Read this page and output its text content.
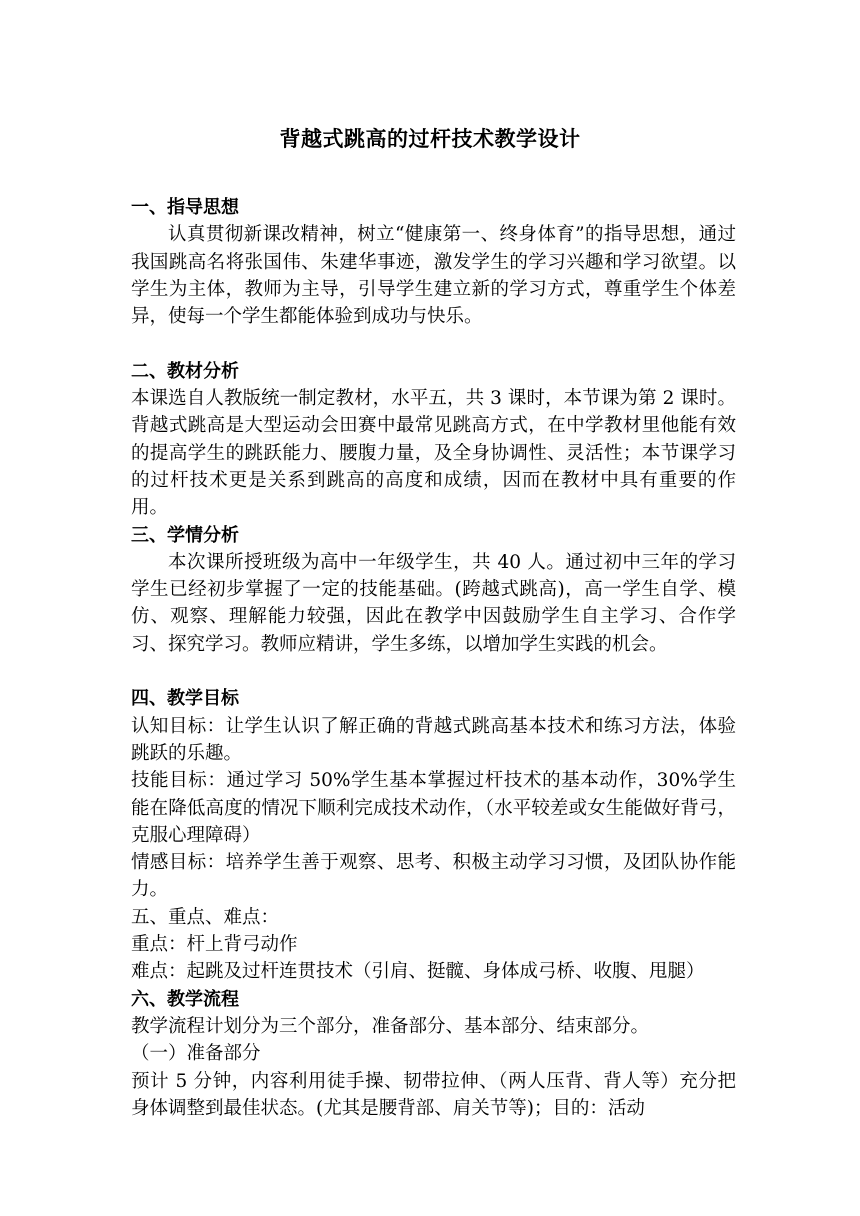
背越式跳高的过杆技术教学设计
一、指导思想

认真贯彻新课改精神，树立“健康第一、终身体育”的指导思想，通过我国跳高名将张国伟、朱建华事迹，激发学生的学习兴趣和学习欲望。以学生为主体，教师为主导，引导学生建立新的学习方式，尊重学生个体差异，使每一个学生都能体验到成功与快乐。

二、教材分析

本课选自人教版统一制定教材，水平五，共 3 课时，本节课为第 2 课时。背越式跳高是大型运动会田赛中最常见跳高方式，在中学教材里他能有效的提高学生的跳跃能力、腰腹力量，及全身协调性、灵活性；本节课学习的过杆技术更是关系到跳高的高度和成绩，因而在教材中具有重要的作用。

三、学情分析

本次课所授班级为高中一年级学生，共 40 人。通过初中三年的学习学生已经初步掌握了一定的技能基础。(跨越式跳高)，高一学生自学、模仿、观察、理解能力较强，因此在教学中因鼓励学生自主学习、合作学习、探究学习。教师应精讲，学生多练，以增加学生实践的机会。

四、教学目标

认知目标：让学生认识了解正确的背越式跳高基本技术和练习方法，体验跳跃的乐趣。

技能目标：通过学习 50%学生基本掌握过杆技术的基本动作，30%学生能在降低高度的情况下顺利完成技术动作，（水平较差或女生能做好背弓，克服心理障碍）

情感目标：培养学生善于观察、思考、积极主动学习习惯，及团队协作能力。

五、重点、难点：

重点：杆上背弓动作

难点：起跳及过杆连贯技术（引肩、挺髋、身体成弓桥、收腹、甩腿）

六、教学流程

教学流程计划分为三个部分，准备部分、基本部分、结束部分。

（一）准备部分

预计 5 分钟，内容利用徒手操、韧带拉伸、（两人压背、背人等）充分把身体调整到最佳状态。(尤其是腰背部、肩关节等)；目的：活动
